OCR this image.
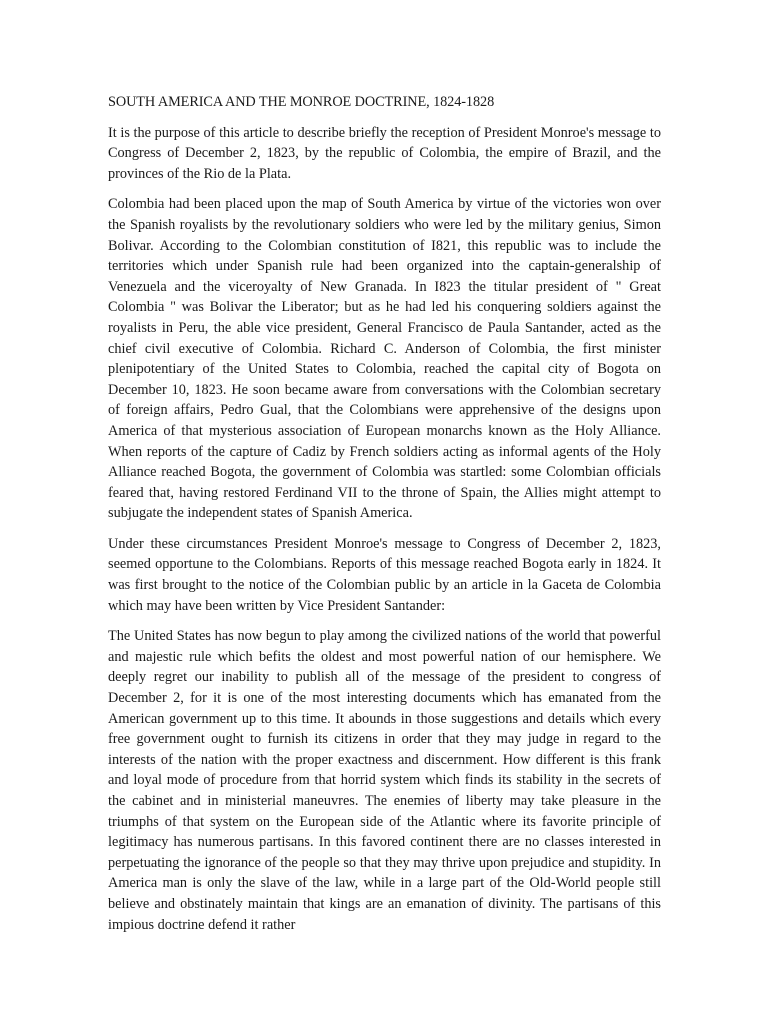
SOUTH AMERICA AND THE MONROE DOCTRINE, 1824-1828

It is the purpose of this article to describe briefly the reception of President Monroe's message to Congress of December 2, 1823, by the republic of Colombia, the empire of Brazil, and the provinces of the Rio de la Plata.

Colombia had been placed upon the map of South America by virtue of the victories won over the Spanish royalists by the revolutionary soldiers who were led by the military genius, Simon Bolivar. According to the Colombian constitution of I821, this republic was to include the territories which under Spanish rule had been organized into the captain-generalship of Venezuela and the viceroyalty of New Granada. In I823 the titular president of " Great Colombia " was Bolivar the Liberator; but as he had led his conquering soldiers against the royalists in Peru, the able vice president, General Francisco de Paula Santander, acted as the chief civil executive of Colombia. Richard C. Anderson of Colombia, the first minister plenipotentiary of the United States to Colombia, reached the capital city of Bogota on December 10, 1823. He soon became aware from conversations with the Colombian secretary of foreign affairs, Pedro Gual, that the Colombians were apprehensive of the designs upon America of that mysterious association of European monarchs known as the Holy Alliance. When reports of the capture of Cadiz by French soldiers acting as informal agents of the Holy Alliance reached Bogota, the government of Colombia was startled: some Colombian officials feared that, having restored Ferdinand VII to the throne of Spain, the Allies might attempt to subjugate the independent states of Spanish America.

Under these circumstances President Monroe's message to Congress of December 2, 1823, seemed opportune to the Colombians. Reports of this message reached Bogota early in 1824. It was first brought to the notice of the Colombian public by an article in la Gaceta de Colombia which may have been written by Vice President Santander:

The United States has now begun to play among the civilized nations of the world that powerful and majestic rule which befits the oldest and most powerful nation of our hemisphere. We deeply regret our inability to publish all of the message of the president to congress of December 2, for it is one of the most interesting documents which has emanated from the American government up to this time. It abounds in those suggestions and details which every free government ought to furnish its citizens in order that they may judge in regard to the interests of the nation with the proper exactness and discernment. How different is this frank and loyal mode of procedure from that horrid system which finds its stability in the secrets of the cabinet and in ministerial maneuvres. The enemies of liberty may take pleasure in the triumphs of that system on the European side of the Atlantic where its favorite principle of legitimacy has numerous partisans. In this favored continent there are no classes interested in perpetuating the ignorance of the people so that they may thrive upon prejudice and stupidity. In America man is only the slave of the law, while in a large part of the Old-World people still believe and obstinately maintain that kings are an emanation of divinity. The partisans of this impious doctrine defend it rather
